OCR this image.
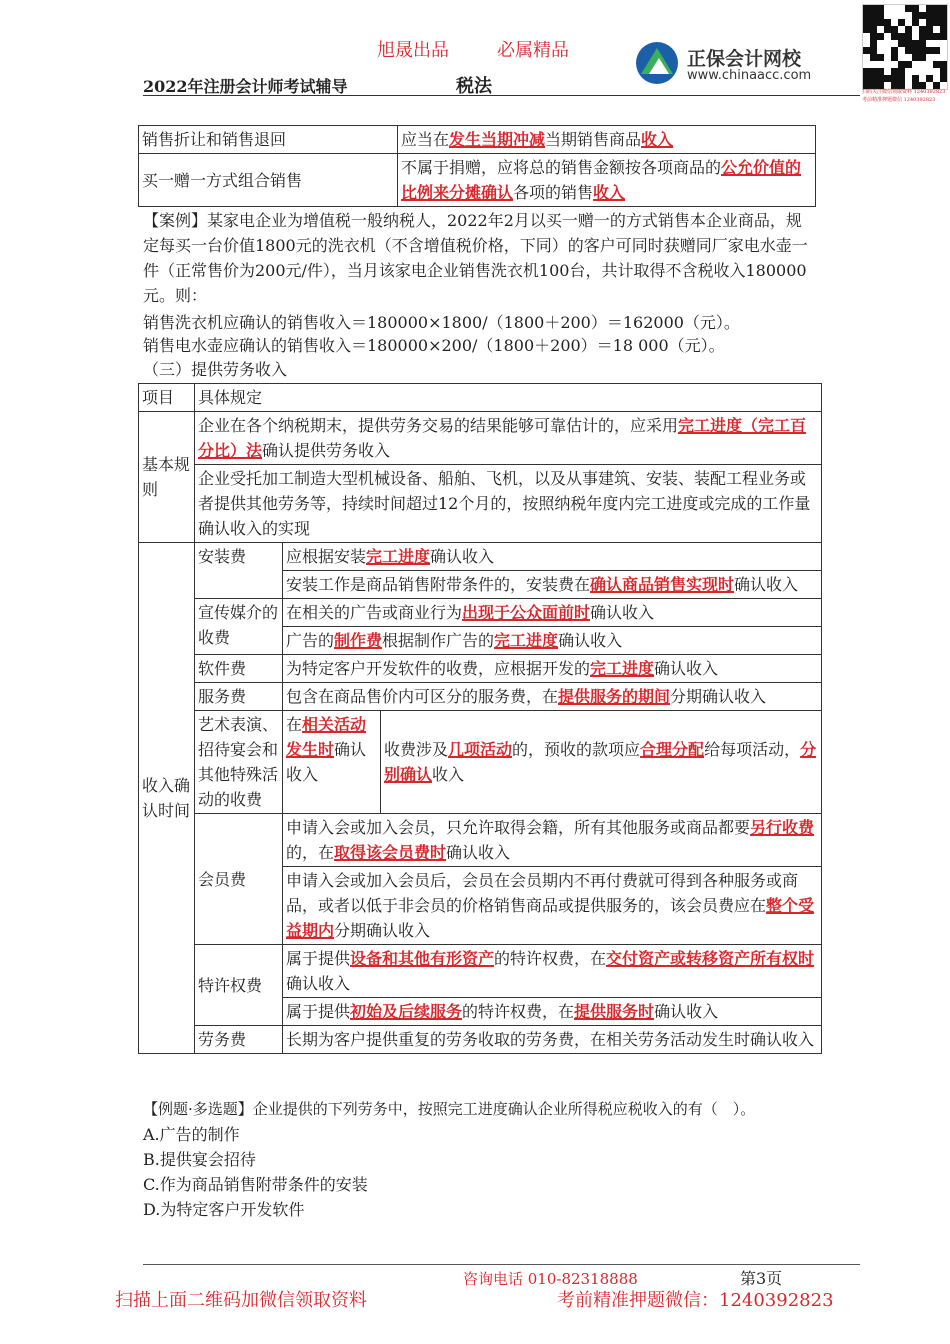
旭晟出品	必属精品
2022年注册会计师考试辅导	税法
正保会计网校
www.chinaacc.com
扫码关注微信领取资料 1240392823
考前精准押题微信 1240392823
销售折让和销售退回	应当在发生当期冲减当期销售商品收入
买一赠一方式组合销售	不属于捐赠，应将总的销售金额按各项商品的公允价值的比例来分摊确认各项的销售收入
【案例】某家电企业为增值税一般纳税人，2022年2月以买一赠一的方式销售本企业商品，规定每买一台价值1800元的洗衣机（不含增值税价格，下同）的客户可同时获赠同厂家电水壶一件（正常售价为200元/件），当月该家电企业销售洗衣机100台，共计取得不含税收入180000元。则：
销售洗衣机应确认的销售收入＝180000×1800/（1800＋200）＝162000（元）。
销售电水壶应确认的销售收入＝180000×200/（1800＋200）＝18 000（元）。
（三）提供劳务收入
项目	具体规定		
基本规则	企业在各个纳税期末，提供劳务交易的结果能够可靠估计的，应采用完工进度（完工百分比）法确认提供劳务收入		
	企业受托加工制造大型机械设备、船舶、飞机，以及从事建筑、安装、装配工程业务或者提供其他劳务等，持续时间超过12个月的，按照纳税年度内完工进度或完成的工作量确认收入的实现		
收入确认时间	安装费	应根据安装完工进度确认收入	
		安装工作是商品销售附带条件的，安装费在确认商品销售实现时确认收入	
	宣传媒介的收费	在相关的广告或商业行为出现于公众面前时确认收入	
		广告的制作费根据制作广告的完工进度确认收入	
	软件费	为特定客户开发软件的收费，应根据开发的完工进度确认收入	
	服务费	包含在商品售价内可区分的服务费，在提供服务的期间分期确认收入	
	艺术表演、招待宴会和其他特殊活动的收费	在相关活动发生时确认收入	收费涉及几项活动的，预收的款项应合理分配给每项活动，分别确认收入
	会员费	申请入会或加入会员，只允许取得会籍，所有其他服务或商品都要另行收费的，在取得该会员费时确认收入	
		申请入会或加入会员后，会员在会员期内不再付费就可得到各种服务或商品，或者以低于非会员的价格销售商品或提供服务的，该会员费应在整个受益期内分期确认收入	
	特许权费	属于提供设备和其他有形资产的特许权费，在交付资产或转移资产所有权时确认收入	
		属于提供初始及后续服务的特许权费，在提供服务时确认收入	
	劳务费	长期为客户提供重复的劳务收取的劳务费，在相关劳务活动发生时确认收入	
【例题·多选题】企业提供的下列劳务中，按照完工进度确认企业所得税应税收入的有（　）。
A.广告的制作
B.提供宴会招待
C.作为商品销售附带条件的安装
D.为特定客户开发软件
咨询电话 010-82318888	第3页
扫描上面二维码加微信领取资料	考前精准押题微信：1240392823
